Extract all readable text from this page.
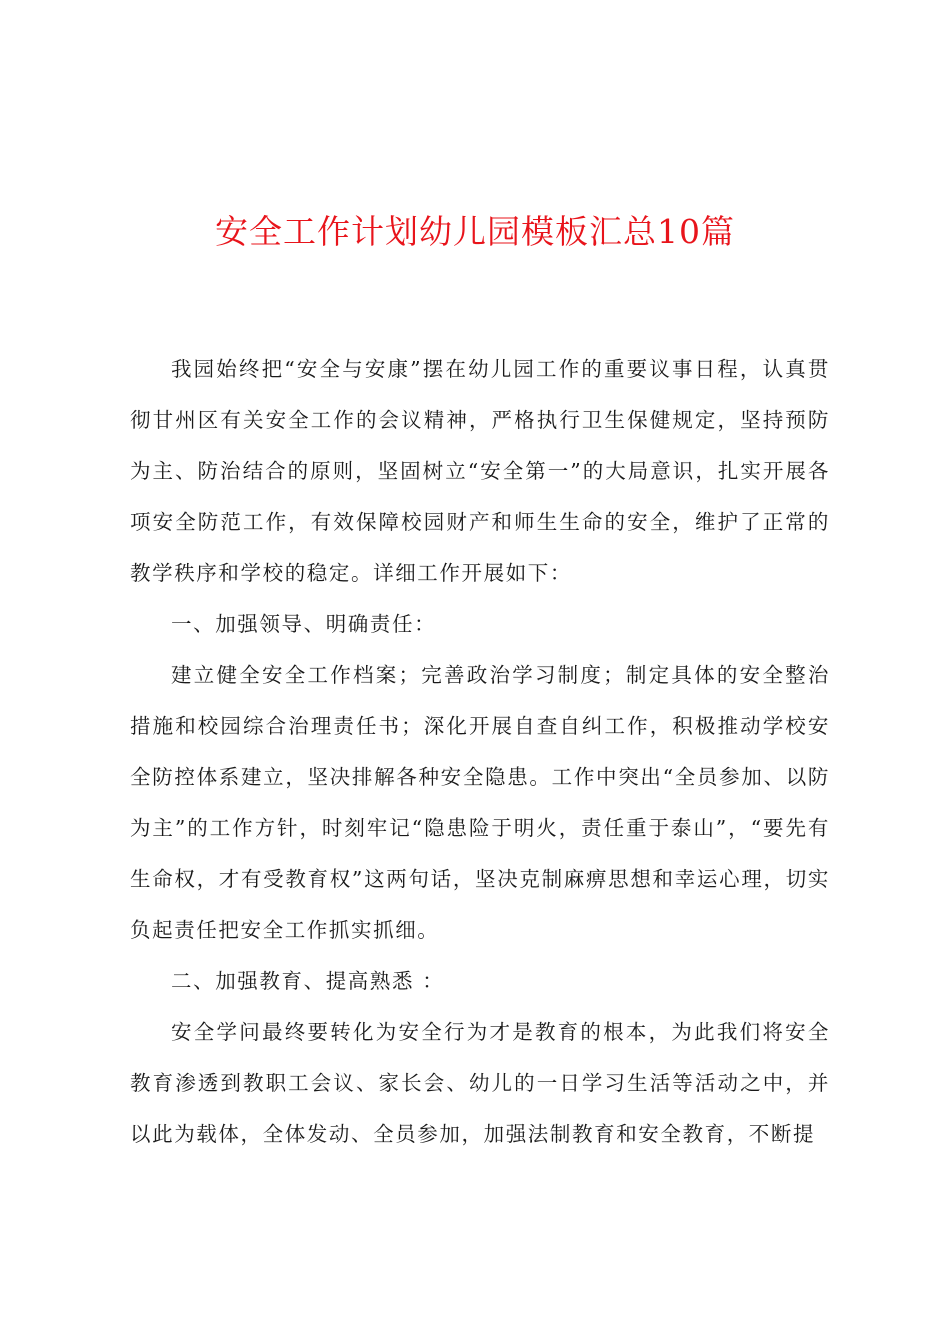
安全工作计划幼儿园模板汇总10篇

我园始终把“安全与安康”摆在幼儿园工作的重要议事日程，认真贯彻甘州区有关安全工作的会议精神，严格执行卫生保健规定，坚持预防为主、防治结合的原则，坚固树立“安全第一”的大局意识，扎实开展各项安全防范工作，有效保障校园财产和师生生命的安全，维护了正常的教学秩序和学校的稳定。详细工作开展如下：

一、加强领导、明确责任：

建立健全安全工作档案；完善政治学习制度；制定具体的安全整治措施和校园综合治理责任书；深化开展自查自纠工作，积极推动学校安全防控体系建立，坚决排解各种安全隐患。工作中突出“全员参加、以防为主”的工作方针，时刻牢记“隐患险于明火，责任重于泰山”，“要先有生命权，才有受教育权”这两句话，坚决克制麻痹思想和幸运心理，切实负起责任把安全工作抓实抓细。

二、加强教育、提高熟悉 ：

安全学问最终要转化为安全行为才是教育的根本，为此我们将安全教育渗透到教职工会议、家长会、幼儿的一日学习生活等活动之中，并以此为载体，全体发动、全员参加，加强法制教育和安全教育，不断提
